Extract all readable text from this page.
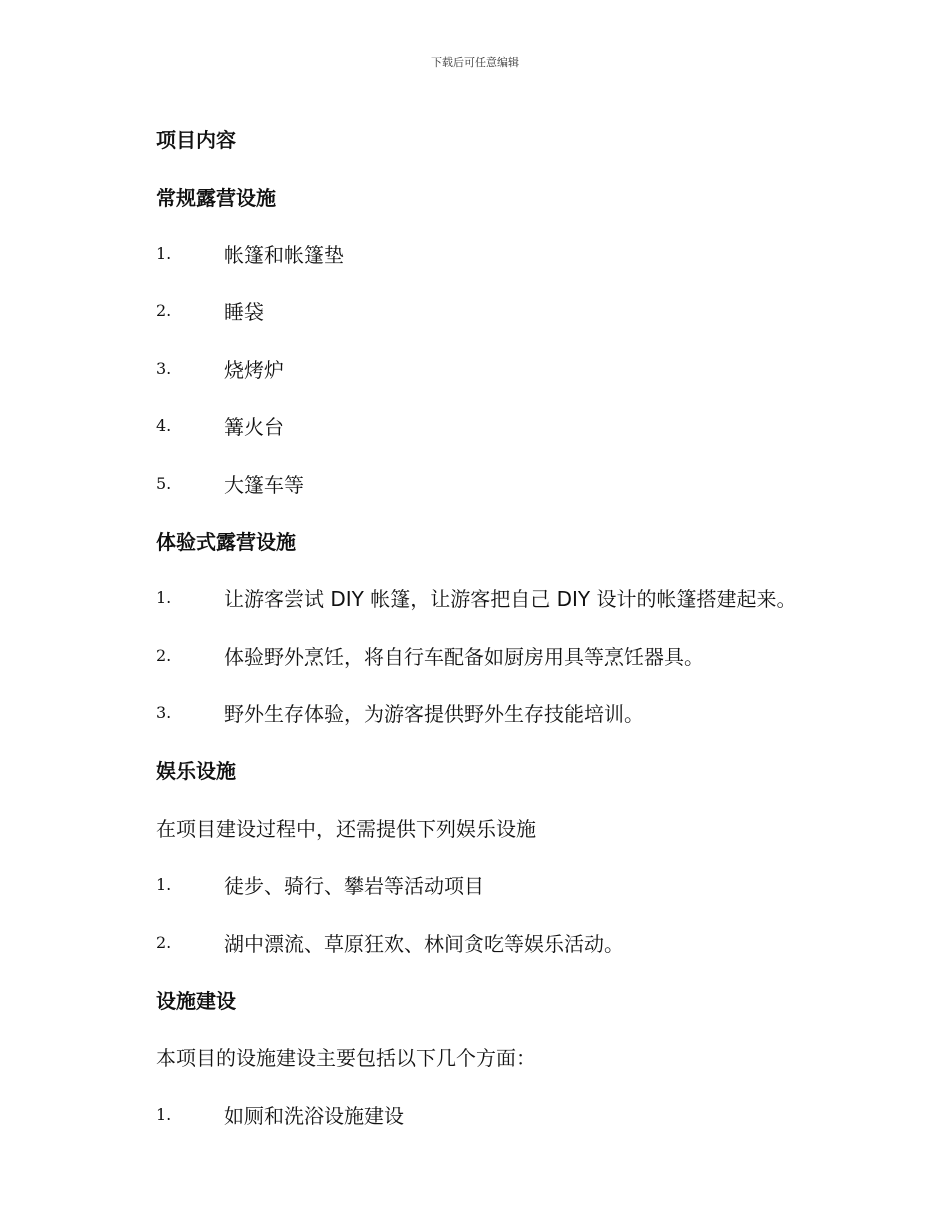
下载后可任意编辑
项目内容
常规露营设施
1.	帐篷和帐篷垫
2.	睡袋
3.	烧烤炉
4.	篝火台
5.	大篷车等
体验式露营设施
1.	让游客尝试 DIY 帐篷，让游客把自己 DIY 设计的帐篷搭建起来。
2.	体验野外烹饪，将自行车配备如厨房用具等烹饪器具。
3.	野外生存体验，为游客提供野外生存技能培训。
娱乐设施
在项目建设过程中，还需提供下列娱乐设施
1.	徒步、骑行、攀岩等活动项目
2.	湖中漂流、草原狂欢、林间贪吃等娱乐活动。
设施建设
本项目的设施建设主要包括以下几个方面：
1.	如厕和洗浴设施建设
